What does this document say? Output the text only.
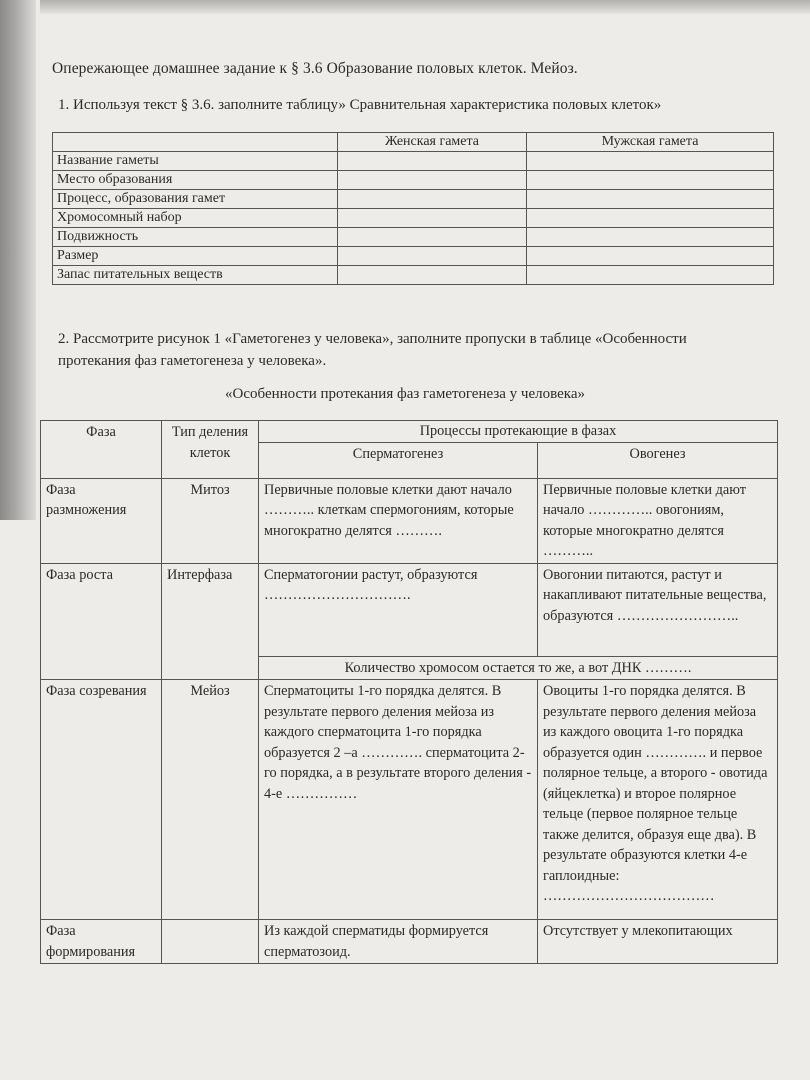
Опережающее домашнее задание к § 3.6 Образование половых клеток. Мейоз.
1. Используя текст § 3.6. заполните таблицу» Сравнительная характеристика половых клеток»
	Женская гамета	Мужская гамета
Название гаметы		
Место образования		
Процесс, образования гамет		
Хромосомный набор		
Подвижность		
Размер		
Запас питательных веществ		
2. Рассмотрите рисунок 1 «Гаметогенез у человека», заполните пропуски в таблице «Особенности протекания фаз гаметогенеза у человека».
«Особенности протекания фаз гаметогенеза у человека»
Фаза	Тип деления клеток	Процессы протекающие в фазах	
		Сперматогенез	Овогенез
Фаза размножения	Митоз	Первичные половые клетки дают начало ……….. клеткам спермогониям, которые многократно делятся ……….	Первичные половые клетки дают начало ………….. овогониям, которые многократно делятся ………..
Фаза роста	Интерфаза	Сперматогонии растут, образуются ………………………….	Овогонии питаются, растут и накапливают питательные вещества, образуются ……………………..
		Количество хромосом остается то же, а вот ДНК ……….	
Фаза созревания	Мейоз	Сперматоциты 1-го порядка делятся. В результате первого деления мейоза из каждого сперматоцита 1-го порядка образуется 2 –а …………. сперматоцита 2-го порядка, а в результате второго деления - 4-е ……………	Овоциты 1-го порядка делятся. В результате первого деления мейоза из каждого овоцита 1-го порядка образуется один …………. и первое полярное тельце, а второго - овотида (яйцеклетка) и второе полярное тельце (первое полярное тельце также делится, образуя еще два). В результате образуются клетки 4-е гаплоидные: ………………………………
Фаза формирования		Из каждой сперматиды формируется сперматозоид.	Отсутствует у млекопитающих
